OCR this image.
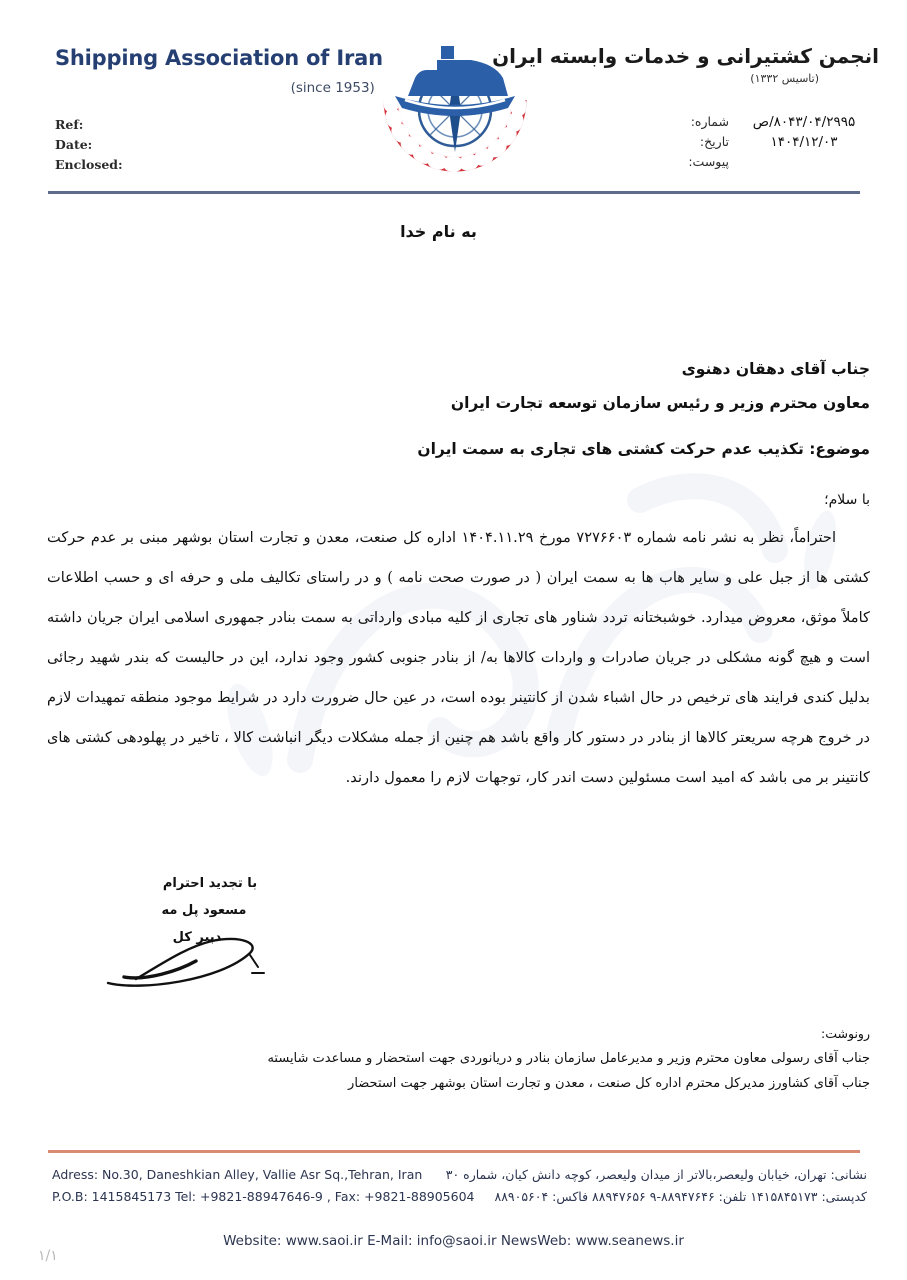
Shipping Association of Iran
(since 1953)
Ref:
Date:
Enclosed:
انجمن کشتیرانی و خدمات وابسته ایران
(تاسیس ۱۳۳۲)
۸۰۴۳/۰۴/۲۹۹۵/ص
شماره:
۱۴۰۴/۱۲/۰۳
تاریخ:
پیوست:
به نام خدا
جناب آقای دهقان دهنوی
معاون محترم وزیر و رئیس سازمان توسعه تجارت ایران
موضوع: تکذیب عدم حرکت کشتی های تجاری به سمت ایران
با سلام؛
احتراماً، نظر به نشر نامه شماره ۷۲۷۶۶۰۳ مورخ ۱۴۰۴.۱۱.۲۹ اداره کل صنعت، معدن و تجارت استان بوشهر مبنی بر عدم حرکت کشتی ها از جبل علی و سایر هاب ها به سمت ایران ( در صورت صحت نامه ) و در راستای تکالیف ملی و حرفه ای و حسب اطلاعات کاملاً موثق، معروض میدارد. خوشبختانه تردد شناور های تجاری از کلیه مبادی وارداتی به سمت بنادر جمهوری اسلامی ایران جریان داشته است و هیچ گونه مشکلی در جریان صادرات و واردات کالاها به/ از بنادر جنوبی کشور وجود ندارد، این در حالیست که بندر شهید رجائی بدلیل کندی فرایند های ترخیص در حال اشباء شدن از کانتینر بوده است، در عین حال ضرورت دارد در شرایط موجود منطقه تمهیدات لازم در خروج هرچه سریعتر کالاها از بنادر در دستور کار واقع باشد هم چنین از جمله مشکلات دیگر انباشت کالا ، تاخیر در پهلودهی کشتی های کانتینر بر می باشد که امید است مسئولین دست اندر کار، توجهات لازم را معمول دارند.
با تجدید احترام
مسعود پل مه
دبیر کل
رونوشت:
جناب آقای رسولی معاون محترم وزیر و مدیرعامل سازمان بنادر و دریانوردی جهت استحضار و مساعدت شایسته
جناب آقای کشاورز مدیرکل محترم اداره کل صنعت ، معدن و تجارت استان بوشهر جهت استحضار
Adress: No.30, Daneshkian Alley, Vallie Asr Sq.,Tehran, Iran
P.O.B: 1415845173 Tel: +9821-88947646-9 , Fax: +9821-88905604
نشانی: تهران، خیابان ولیعصر،بالاتر از میدان ولیعصر، کوچه دانش کیان، شماره ۳۰
کدپستی: ۱۴۱۵۸۴۵۱۷۳ تلفن: ۸۸۹۴۷۶۴۶-۹ ۸۸۹۴۷۶۵۶ فاکس: ۸۸۹۰۵۶۰۴
Website: www.saoi.ir E-Mail: info@saoi.ir NewsWeb: www.seanews.ir
۱/۱
